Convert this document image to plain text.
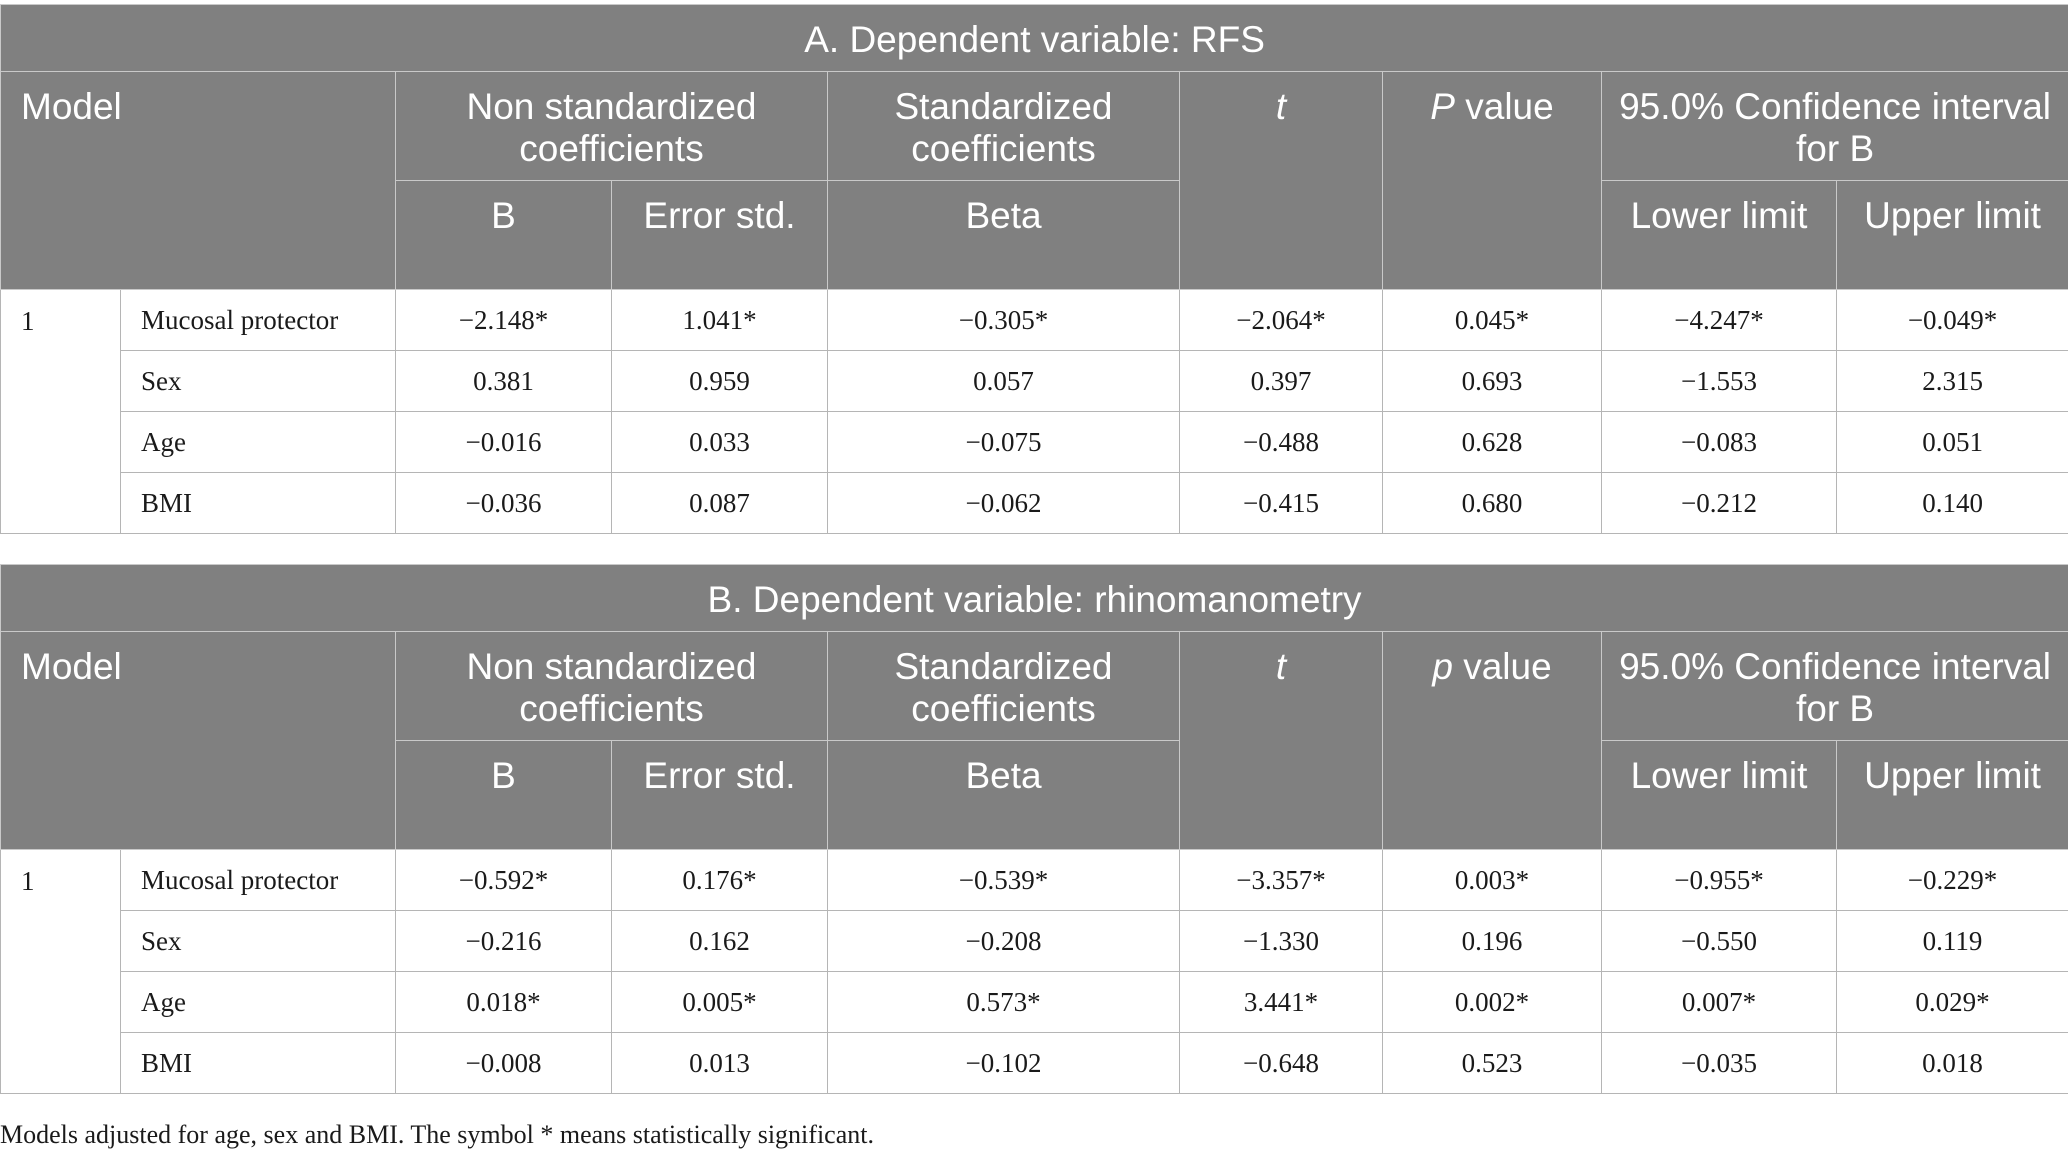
A. Dependent variable: RFS								
Model		Non standardized coefficients		Standardized coefficients	t	P value	95.0% Confidence interval for B	
		B	Error std.	Beta			Lower limit	Upper limit
1	Mucosal protector	−2.148*	1.041*	−0.305*	−2.064*	0.045*	−4.247*	−0.049*
	Sex	0.381	0.959	0.057	0.397	0.693	−1.553	2.315
	Age	−0.016	0.033	−0.075	−0.488	0.628	−0.083	0.051
	BMI	−0.036	0.087	−0.062	−0.415	0.680	−0.212	0.140
B. Dependent variable: rhinomanometry								
Model		Non standardized coefficients		Standardized coefficients	t	p value	95.0% Confidence interval for B	
		B	Error std.	Beta			Lower limit	Upper limit
1	Mucosal protector	−0.592*	0.176*	−0.539*	−3.357*	0.003*	−0.955*	−0.229*
	Sex	−0.216	0.162	−0.208	−1.330	0.196	−0.550	0.119
	Age	0.018*	0.005*	0.573*	3.441*	0.002*	0.007*	0.029*
	BMI	−0.008	0.013	−0.102	−0.648	0.523	−0.035	0.018
Models adjusted for age, sex and BMI. The symbol * means statistically significant.
